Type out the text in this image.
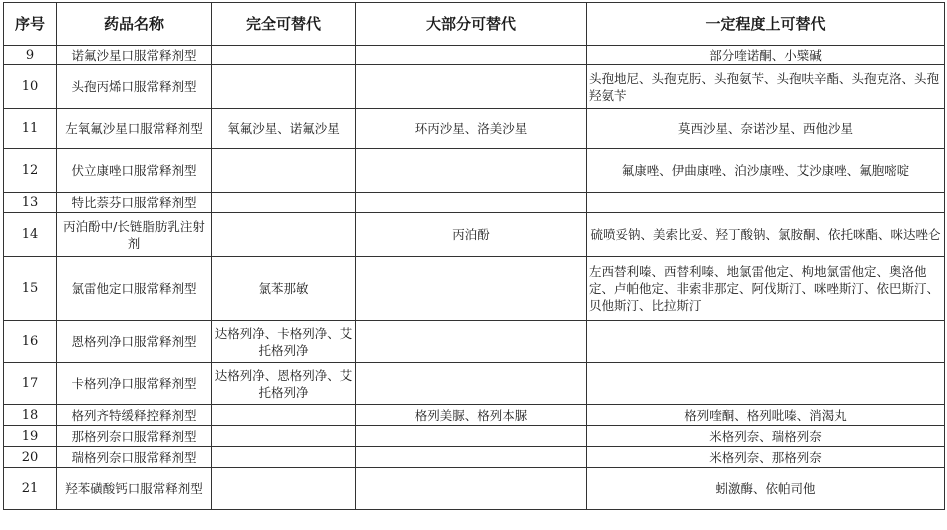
序号	药品名称	完全可替代	大部分可替代	一定程度上可替代
9	诺氟沙星口服常释剂型			部分喹诺酮、小檗碱
10	头孢丙烯口服常释剂型			头孢地尼、头孢克肟、头孢氨苄、头孢呋辛酯、头孢克洛、头孢羟氨苄
11	左氧氟沙星口服常释剂型	氧氟沙星、诺氟沙星	环丙沙星、洛美沙星	莫西沙星、奈诺沙星、西他沙星
12	伏立康唑口服常释剂型			氟康唑、伊曲康唑、泊沙康唑、艾沙康唑、氟胞嘧啶
13	特比萘芬口服常释剂型			
14	丙泊酚中/长链脂肪乳注射剂		丙泊酚	硫喷妥钠、美索比妥、羟丁酸钠、氯胺酮、依托咪酯、咪达唑仑
15	氯雷他定口服常释剂型	氯苯那敏		左西替利嗪、西替利嗪、地氯雷他定、枸地氯雷他定、奥洛他定、卢帕他定、非索非那定、阿伐斯汀、咪唑斯汀、依巴斯汀、贝他斯汀、比拉斯汀
16	恩格列净口服常释剂型	达格列净、卡格列净、艾托格列净		
17	卡格列净口服常释剂型	达格列净、恩格列净、艾托格列净		
18	格列齐特缓释控释剂型		格列美脲、格列本脲	格列喹酮、格列吡嗪、消渴丸
19	那格列奈口服常释剂型			米格列奈、瑞格列奈
20	瑞格列奈口服常释剂型			米格列奈、那格列奈
21	羟苯磺酸钙口服常释剂型			蚓激酶、依帕司他
